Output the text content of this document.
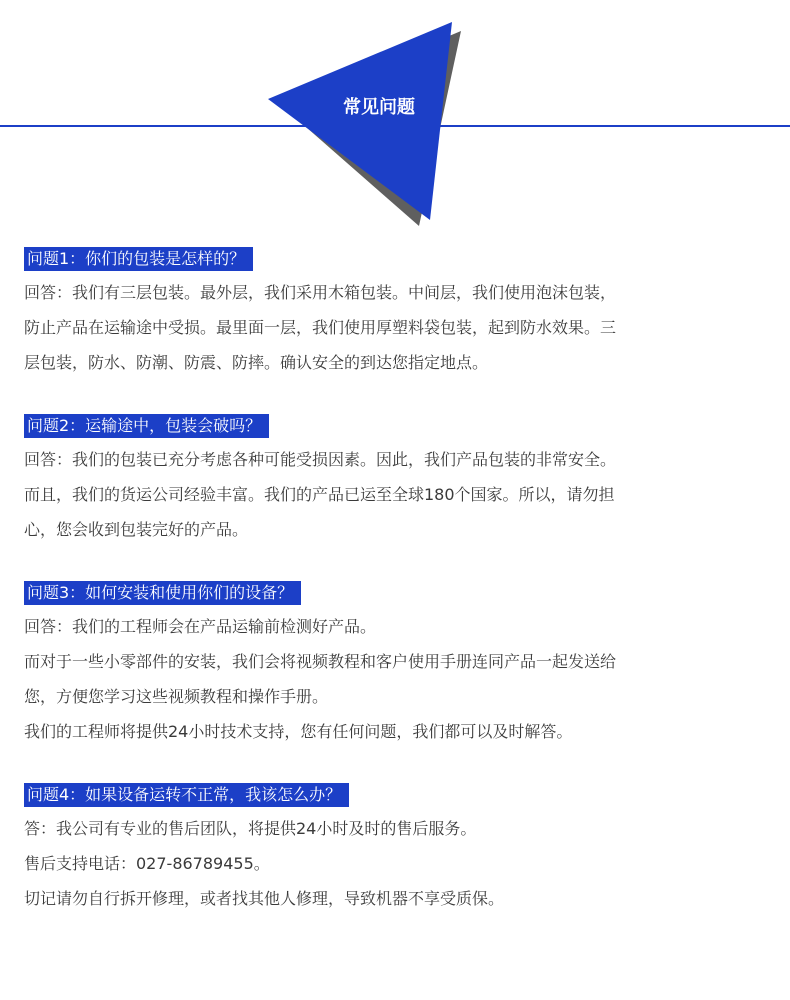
常见问题
问题1：你们的包装是怎样的？
回答：我们有三层包装。最外层，我们采用木箱包装。中间层，我们使用泡沫包装，
防止产品在运输途中受损。最里面一层，我们使用厚塑料袋包装，起到防水效果。三
层包装，防水、防潮、防震、防摔。确认安全的到达您指定地点。
问题2：运输途中，包装会破吗？
回答：我们的包装已充分考虑各种可能受损因素。因此，我们产品包装的非常安全。
而且，我们的货运公司经验丰富。我们的产品已运至全球180个国家。所以，请勿担
心，您会收到包装完好的产品。
问题3：如何安装和使用你们的设备？
回答：我们的工程师会在产品运输前检测好产品。
而对于一些小零部件的安装，我们会将视频教程和客户使用手册连同产品一起发送给
您，方便您学习这些视频教程和操作手册。
我们的工程师将提供24小时技术支持，您有任何问题，我们都可以及时解答。
问题4：如果设备运转不正常，我该怎么办？
答：我公司有专业的售后团队，将提供24小时及时的售后服务。
售后支持电话：027-86789455。
切记请勿自行拆开修理，或者找其他人修理，导致机器不享受质保。
